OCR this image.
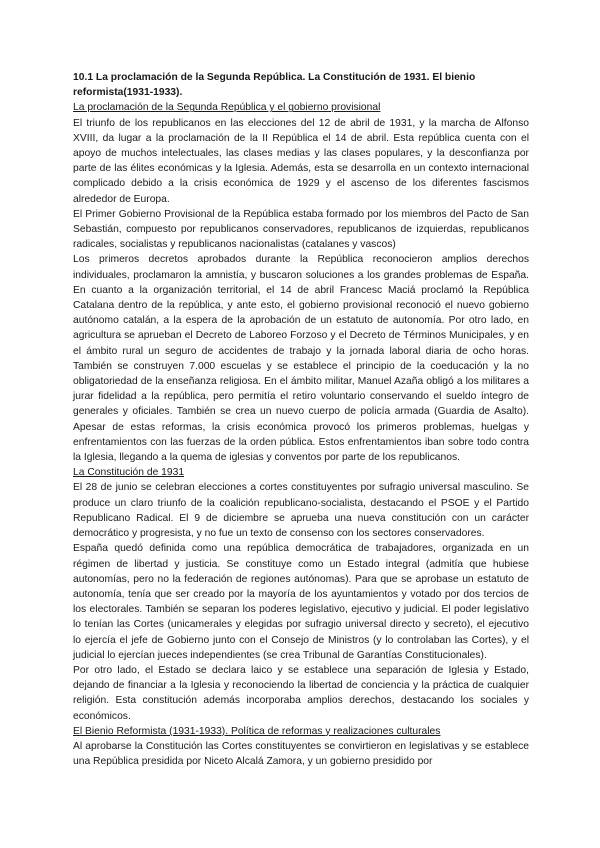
10.1 La proclamación de la Segunda República. La Constitución de 1931. El bienio reformista(1931-1933).

La proclamación de la Segunda República y el gobierno provisional

El triunfo de los republicanos en las elecciones del 12 de abril de 1931, y la marcha de Alfonso XVIII, da lugar a la proclamación de la II República el 14 de abril. Esta república cuenta con el apoyo de muchos intelectuales, las clases medias y las clases populares, y la desconfianza por parte de las élites económicas y la Iglesia. Además, esta se desarrolla en un contexto internacional complicado debido a la crisis económica de 1929 y el ascenso de los diferentes fascismos alrededor de Europa.

El Primer Gobierno Provisional de la República estaba formado por los miembros del Pacto de San Sebastián, compuesto por republicanos conservadores, republicanos de izquierdas, republicanos radicales, socialistas y republicanos nacionalistas (catalanes y vascos)

Los primeros decretos aprobados durante la República reconocieron amplios derechos individuales, proclamaron la amnistía, y buscaron soluciones a los grandes problemas de España. En cuanto a la organización territorial, el 14 de abril Francesc Maciá proclamó la República Catalana dentro de la república, y ante esto, el gobierno provisional reconoció el nuevo gobierno autónomo catalán, a la espera de la aprobación de un estatuto de autonomía. Por otro lado, en agricultura se aprueban el Decreto de Laboreo Forzoso y el Decreto de Términos Municipales, y en el ámbito rural un seguro de accidentes de trabajo y la jornada laboral diaria de ocho horas. También se construyen 7.000 escuelas y se establece el principio de la coeducación y la no obligatoriedad de la enseñanza religiosa. En el ámbito militar, Manuel Azaña obligó a los militares a jurar fidelidad a la república, pero permitía el retiro voluntario conservando el sueldo íntegro de generales y oficiales. También se crea un nuevo cuerpo de policía armada (Guardia de Asalto). Apesar de estas reformas, la crisis económica provocó los primeros problemas, huelgas y enfrentamientos con las fuerzas de la orden pública. Estos enfrentamientos iban sobre todo contra la Iglesia, llegando a la quema de iglesias y conventos por parte de los republicanos.

La Constitución de 1931

El 28 de junio se celebran elecciones a cortes constituyentes por sufragio universal masculino. Se produce un claro triunfo de la coalición republicano-socialista, destacando el PSOE y el Partido Republicano Radical. El 9 de diciembre se aprueba una nueva constitución con un carácter democrático y progresista, y no fue un texto de consenso con los sectores conservadores.

España quedó definida como una república democrática de trabajadores, organizada en un régimen de libertad y justicia. Se constituye como un Estado integral (admitía que hubiese autonomías, pero no la federación de regiones autónomas). Para que se aprobase un estatuto de autonomía, tenía que ser creado por la mayoría de los ayuntamientos y votado por dos tercios de los electorales. También se separan los poderes legislativo, ejecutivo y judicial. El poder legislativo lo tenían las Cortes (unicamerales y elegidas por sufragio universal directo y secreto), el ejecutivo lo ejercía el jefe de Gobierno junto con el Consejo de Ministros (y lo controlaban las Cortes), y el judicial lo ejercían jueces independientes (se crea Tribunal de Garantías Constitucionales).

Por otro lado, el Estado se declara laico y se establece una separación de Iglesia y Estado, dejando de financiar a la Iglesia y reconociendo la libertad de conciencia y la práctica de cualquier religión. Esta constitución además incorporaba amplios derechos, destacando los sociales y económicos.

El Bienio Reformista (1931-1933). Política de reformas y realizaciones culturales

Al aprobarse la Constitución las Cortes constituyentes se convirtieron en legislativas y se establece una República presidida por Niceto Alcalá Zamora, y un gobierno presidido por
